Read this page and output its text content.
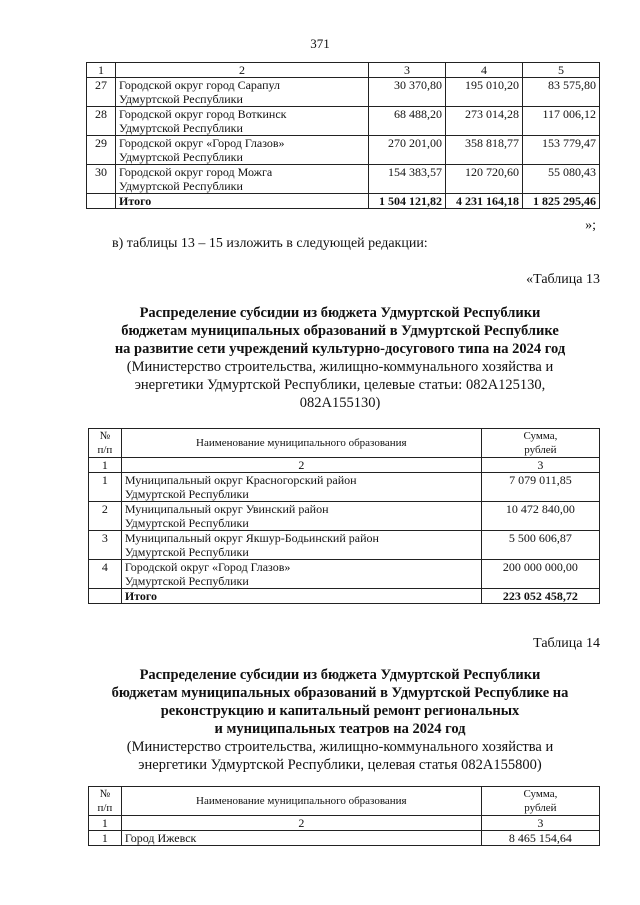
371
1	2	3	4	5
27	Городской округ город Сарапул
Удмуртской Республики	30 370,80	195 010,20	83 575,80
28	Городской округ город Воткинск
Удмуртской Республики	68 488,20	273 014,28	117 006,12
29	Городской округ «Город Глазов»
Удмуртской Республики	270 201,00	358 818,77	153 779,47
30	Городской округ город Можга
Удмуртской Республики	154 383,57	120 720,60	55 080,43
	Итого	1 504 121,82	4 231 164,18	1 825 295,46
»;
в) таблицы 13 – 15 изложить в следующей редакции:
«Таблица 13
Распределение субсидии из бюджета Удмуртской Республики
бюджетам муниципальных образований в Удмуртской Республике
на развитие сети учреждений культурно-досугового типа на 2024 год
(Министерство строительства, жилищно-коммунального хозяйства и
энергетики Удмуртской Республики, целевые статьи: 082А125130,
082А155130)
№
п/п	Наименование муниципального образования	Сумма,
рублей
1	2	3
1	Муниципальный округ Красногорский район
Удмуртской Республики	7 079 011,85
2	Муниципальный округ Увинский район
Удмуртской Республики	10 472 840,00
3	Муниципальный округ Якшур-Бодьинский район
Удмуртской Республики	5 500 606,87
4	Городской округ «Город Глазов»
Удмуртской Республики	200 000 000,00
	Итого	223 052 458,72
Таблица 14
Распределение субсидии из бюджета Удмуртской Республики
бюджетам муниципальных образований в Удмуртской Республике на
реконструкцию и капитальный ремонт региональных
и муниципальных театров на 2024 год
(Министерство строительства, жилищно-коммунального хозяйства и
энергетики Удмуртской Республики, целевая статья 082А155800)
№
п/п	Наименование муниципального образования	Сумма,
рублей
1	2	3
1	Город Ижевск	8 465 154,64
